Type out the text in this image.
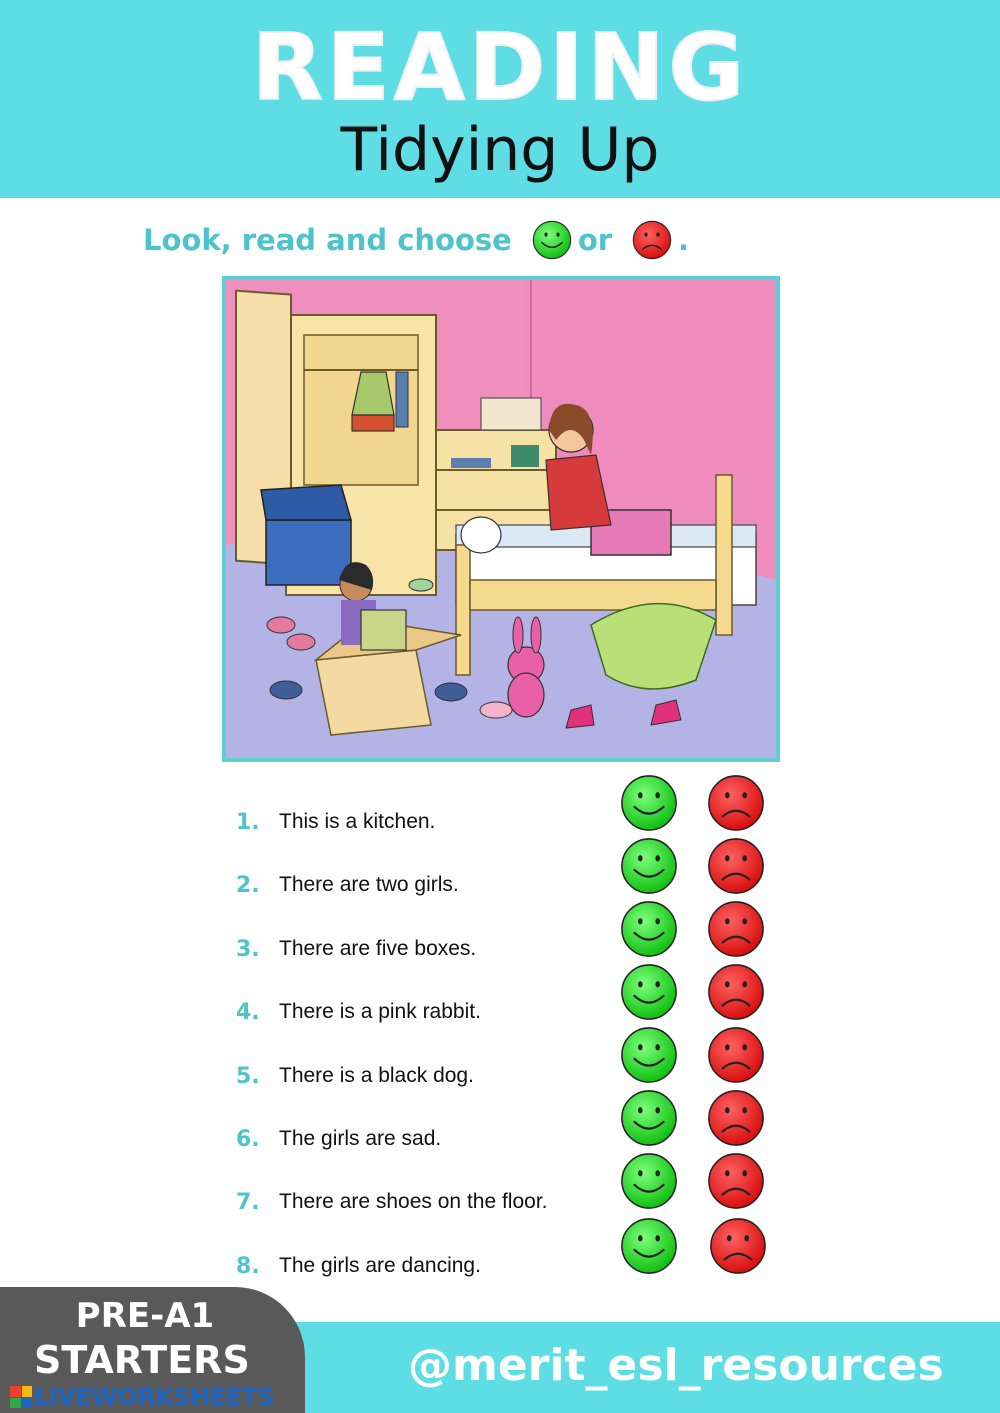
READING
Tidying Up
Look, read and choose or .
1. This is a kitchen.
2. There are two girls.
3. There are five boxes.
4. There is a pink rabbit.
5. There is a black dog.
6. The girls are sad.
7. There are shoes on the floor.
8. The girls are dancing.
@merit_esl_resources
PRE-A1
STARTERS
LIVEWORKSHEETS
